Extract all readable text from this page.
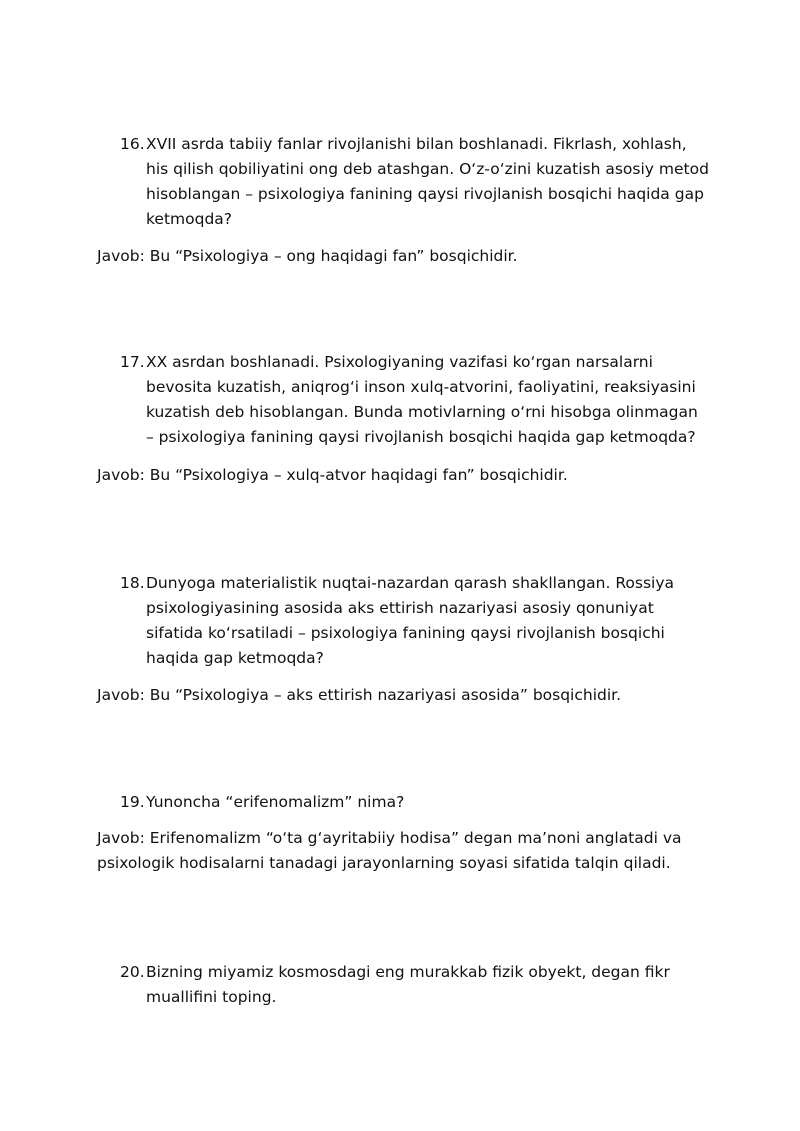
16. XVII asrda tabiiy fanlar rivojlanishi bilan boshlanadi. Fikrlash, xohlash, his qilish qobiliyatini ong deb atashgan. O‘z-o‘zini kuzatish asosiy metod hisoblangan – psixologiya fanining qaysi rivojlanish bosqichi haqida gap ketmoqda?
Javob: Bu “Psixologiya – ong haqidagi fan” bosqichidir.
17. XX asrdan boshlanadi. Psixologiyaning vazifasi ko‘rgan narsalarni bevosita kuzatish, aniqrog‘i inson xulq-atvorini, faoliyatini, reaksiyasini kuzatish deb hisoblangan. Bunda motivlarning o‘rni hisobga olinmagan – psixologiya fanining qaysi rivojlanish bosqichi haqida gap ketmoqda?
Javob: Bu “Psixologiya – xulq-atvor haqidagi fan” bosqichidir.
18. Dunyoga materialistik nuqtai-nazardan qarash shakllangan. Rossiya psixologiyasining asosida aks ettirish nazariyasi asosiy qonuniyat sifatida ko‘rsatiladi – psixologiya fanining qaysi rivojlanish bosqichi haqida gap ketmoqda?
Javob: Bu “Psixologiya – aks ettirish nazariyasi asosida” bosqichidir.
19. Yunoncha “erifenomalizm” nima?
Javob: Erifenomalizm “o‘ta g‘ayritabiiy hodisa” degan ma’noni anglatadi va psixologik hodisalarni tanadagi jarayonlarning soyasi sifatida talqin qiladi.
20. Bizning miyamiz kosmosdagi eng murakkab fizik obyekt, degan fikr muallifini toping.
